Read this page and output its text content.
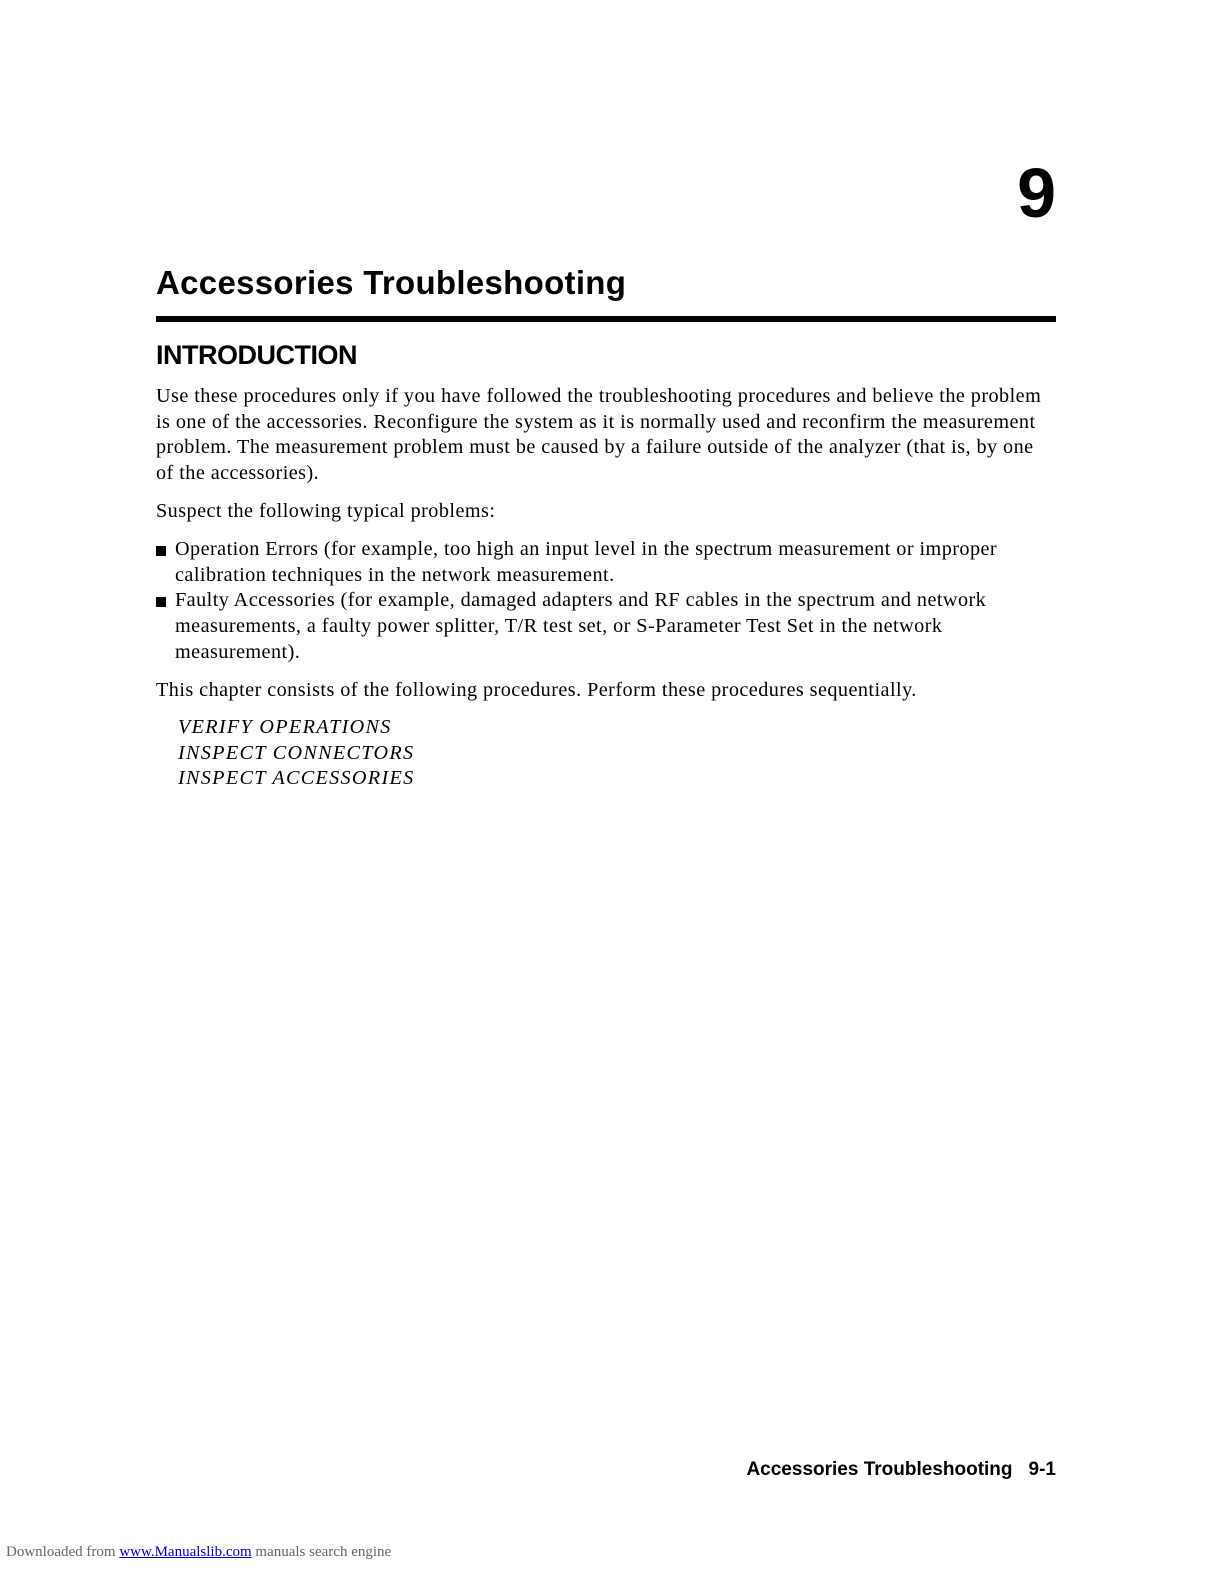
9
Accessories Troubleshooting
INTRODUCTION

Use these procedures only if you have followed the troubleshooting procedures and believe the problem is one of the accessories. Reconfigure the system as it is normally used and reconfirm the measurement problem. The measurement problem must be caused by a failure outside of the analyzer (that is, by one of the accessories).

Suspect the following typical problems:

Operation Errors (for example, too high an input level in the spectrum measurement or improper calibration techniques in the network measurement.
Faulty Accessories (for example, damaged adapters and RF cables in the spectrum and network measurements, a faulty power splitter, T/R test set, or S-Parameter Test Set in the network measurement).

This chapter consists of the following procedures. Perform these procedures sequentially.

VERIFY OPERATIONS
INSPECT CONNECTORS
INSPECT ACCESSORIES
Accessories Troubleshooting 9-1
Downloaded from www.Manualslib.com manuals search engine
